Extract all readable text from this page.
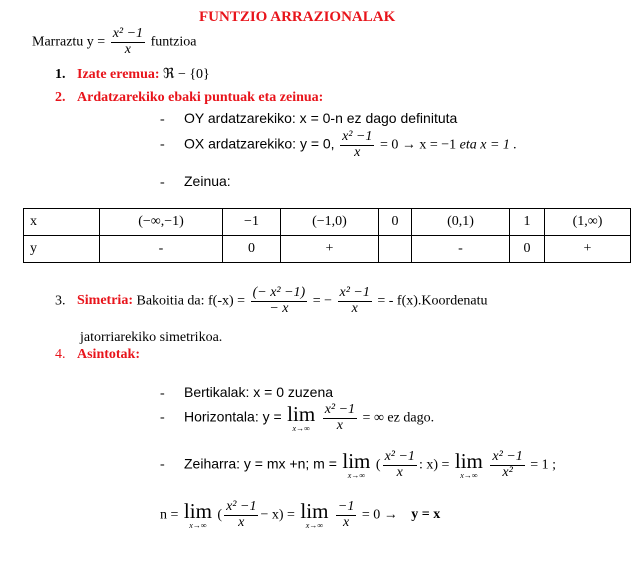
FUNTZIO ARRAZIONALAK
Marraztu $y = \frac{\text{x² −1}}{x}$ funtzioa
1. Izate eremua: ℜ − {0}
2. Ardatzarekiko ebaki puntuak eta zeinua:
- OY ardatzarekiko: x = 0-n ez dago definituta
- OX ardatzarekiko: y = 0, $\frac{\text{x² −1}}{x} = 0 \to x = -1$ eta x = 1 .
- Zeinua:
x	(−∞,−1)	−1	(−1,0)	0	(0,1)	1	(1,∞)
y	-	0	+		-	0	+
3. Simetria: Bakoitia da: $f(-x) = \frac{\text{(− x² −1)}}{- x}$ = − $\frac{\text{x² −1}}{x}$ = - f(x).Koordenatu
jatorriarekiko simetrikoa.
4. Asintotak:
- Bertikalak: x = 0 zuzena
- Horizontala: y = lim
x→∞
$\frac{\text{x² −1}}{x}$ = ∞ ez dago.
- Zeiharra: y = mx +n; m = lim
x→∞
( $\frac{\text{x² −1}}{x}$ : x) = lim
x→∞
$\frac{\text{x² −1}}{\text{x²}} = 1$ ;
n = lim
x→∞
( $\frac{\text{x² −1}}{x} - x) = \lim$
x→∞
$\frac{-1}{x} = 0 \to y = x$
